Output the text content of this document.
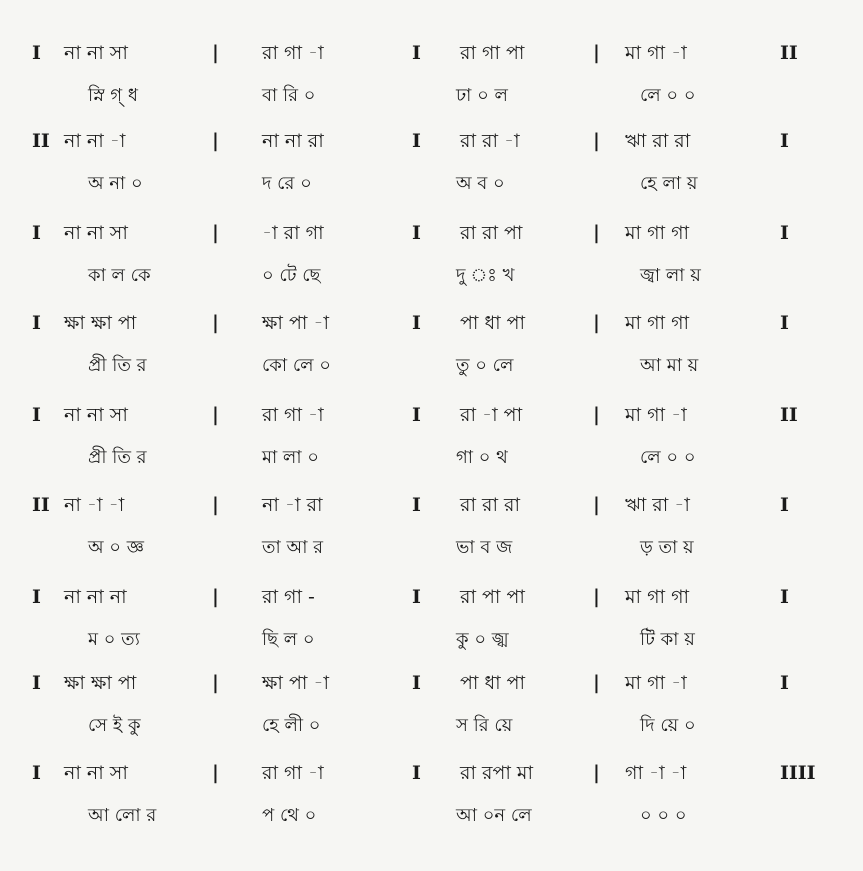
I না না সা	| রা গা -া	I রা গা পা	| মা গা -া	II
স্নি গ্ ধ	বা রি ০	ঢা ০ ল	লে ০ ০
II না না -া	| না না রা	I রা রা -া	| ঋা রা রা	I
অ না ০	দ রে ০	অ ব ০	হে লা য়
I না না সা	| -া রা গা	I রা রা পা	| মা গা গা	I
কা ল কে	০ টে ছে	দু ঃ খ	জ্বা লা য়
I ক্ষা ক্ষা পা	| ক্ষা পা -া	I পা ধা পা	| মা গা গা	I
প্রী তি র	কো লে ০	তু ০ লে	আ মা য়
I না না সা	| রা গা -া	I রা -া পা	| মা গা -া	II
প্রী তি র	মা লা ০	গা ০ থ	লে ০ ০
II না -া -া	| না -া রা	I রা রা রা	| ঋা রা -া	I
অ ০ জ্ঞ	তা আ র	ভা ব জ	ড় তা য়
I না না না	| রা গা -	I রা পা পা	| মা গা গা	I
ম ০ ত্য	ছি ল ০	কু ০ জ্ঝ	টি কা য়
I ক্ষা ক্ষা পা	| ক্ষা পা -া	I পা ধা পা	| মা গা -া	I
সে ই কু	হে লী ০	স রি য়ে	দি য়ে ০
I না না সা	| রা গা -া	I রা রপা মা	| গা -া -া	IIII
আ লো র	প থে ০	আ ০ন লে	০ ০ ০
